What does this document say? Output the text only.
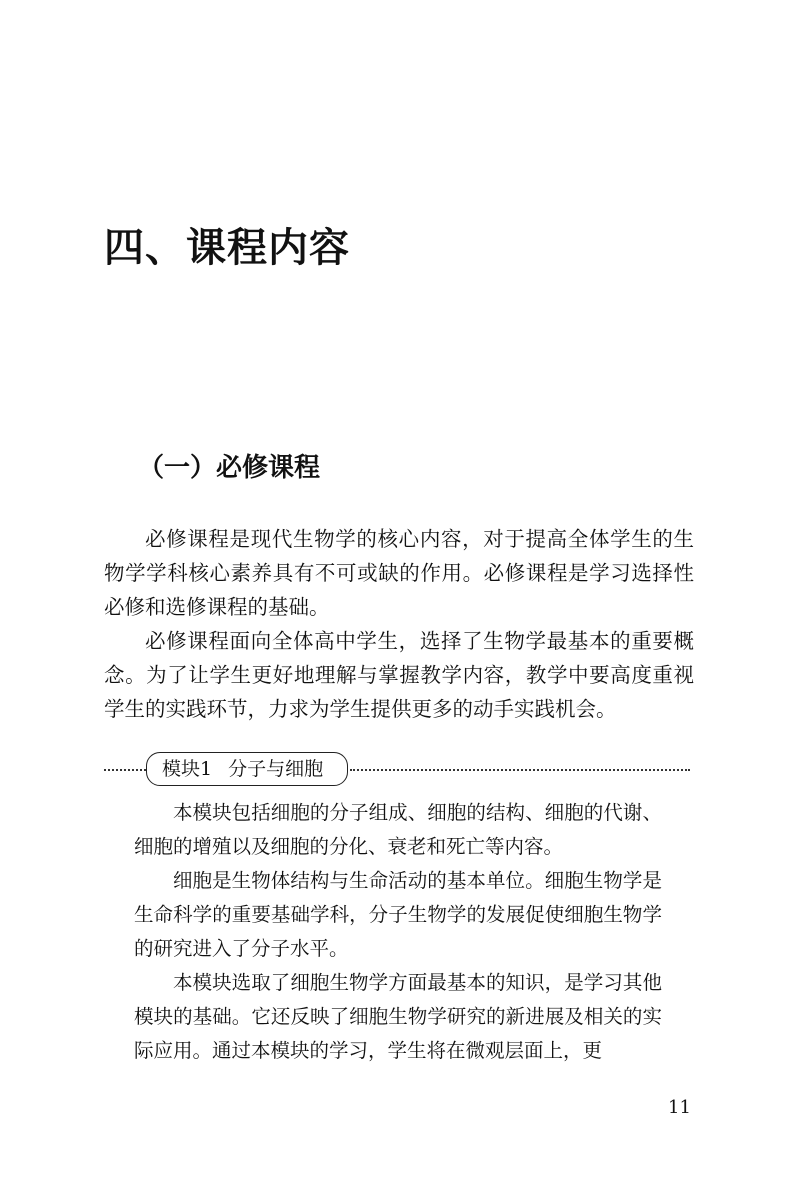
四、课程内容
（一）必修课程

必修课程是现代生物学的核心内容，对于提高全体学生的生物学学科核心素养具有不可或缺的作用。必修课程是学习选择性必修和选修课程的基础。

必修课程面向全体高中学生，选择了生物学最基本的重要概念。为了让学生更好地理解与掌握教学内容，教学中要高度重视学生的实践环节，力求为学生提供更多的动手实践机会。

模块1 分子与细胞

本模块包括细胞的分子组成、细胞的结构、细胞的代谢、细胞的增殖以及细胞的分化、衰老和死亡等内容。

细胞是生物体结构与生命活动的基本单位。细胞生物学是生命科学的重要基础学科，分子生物学的发展促使细胞生物学的研究进入了分子水平。

本模块选取了细胞生物学方面最基本的知识，是学习其他模块的基础。它还反映了细胞生物学研究的新进展及相关的实际应用。通过本模块的学习，学生将在微观层面上，更

11
